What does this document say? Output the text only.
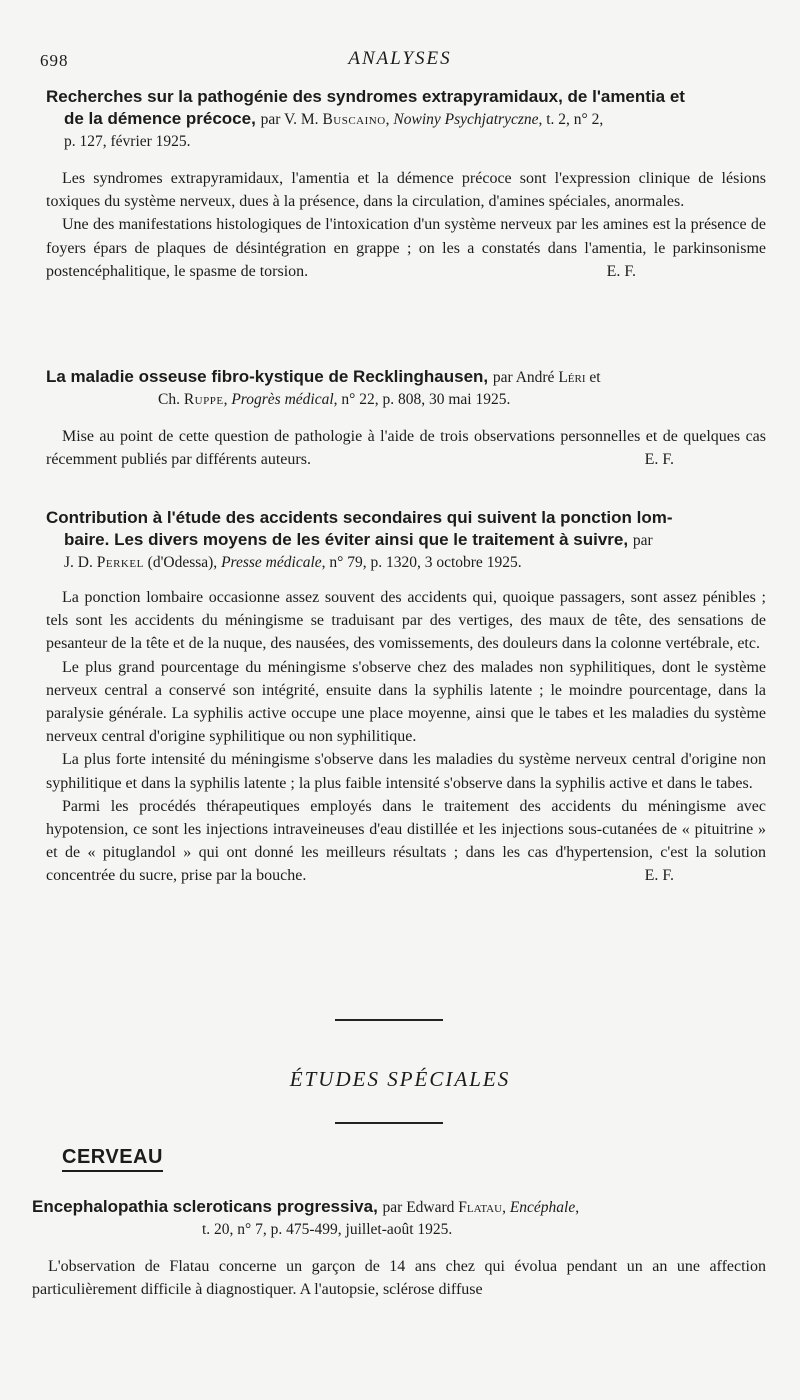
698	ANALYSES

Recherches sur la pathogénie des syndromes extrapyramidaux, de l'amentia et
de la démence précoce, par V. M. Buscaino, Nowiny Psychjatryczne, t. 2, n° 2,

p. 127, février 1925.

Les syndromes extrapyramidaux, l'amentia et la démence précoce sont l'expression clinique de lésions toxiques du système nerveux, dues à la présence, dans la circulation, d'amines spéciales, anormales.

Une des manifestations histologiques de l'intoxication d'un système nerveux par les amines est la présence de foyers épars de plaques de désintégration en grappe ; on les a constatés dans l'amentia, le parkinsonisme postencéphalitique, le spasme de torsion.	E. F.

La maladie osseuse fibro-kystique de Recklinghausen, par André Léri et

Ch. Ruppe, Progrès médical, n° 22, p. 808, 30 mai 1925.

Mise au point de cette question de pathologie à l'aide de trois observations personnelles et de quelques cas récemment publiés par différents auteurs.	E. F.

Contribution à l'étude des accidents secondaires qui suivent la ponction lom-
baire. Les divers moyens de les éviter ainsi que le traitement à suivre, par

J. D. Perkel (d'Odessa), Presse médicale, n° 79, p. 1320, 3 octobre 1925.

La ponction lombaire occasionne assez souvent des accidents qui, quoique passagers, sont assez pénibles ; tels sont les accidents du méningisme se traduisant par des vertiges, des maux de tête, des sensations de pesanteur de la tête et de la nuque, des nausées, des vomissements, des douleurs dans la colonne vertébrale, etc.

Le plus grand pourcentage du méningisme s'observe chez des malades non syphilitiques, dont le système nerveux central a conservé son intégrité, ensuite dans la syphilis latente ; le moindre pourcentage, dans la paralysie générale. La syphilis active occupe une place moyenne, ainsi que le tabes et les maladies du système nerveux central d'origine syphilitique ou non syphilitique.

La plus forte intensité du méningisme s'observe dans les maladies du système nerveux central d'origine non syphilitique et dans la syphilis latente ; la plus faible intensité s'observe dans la syphilis active et dans le tabes.

Parmi les procédés thérapeutiques employés dans le traitement des accidents du méningisme avec hypotension, ce sont les injections intraveineuses d'eau distillée et les injections sous-cutanées de « pituitrine » et de « pituglandol » qui ont donné les meilleurs résultats ; dans les cas d'hypertension, c'est la solution concentrée du sucre, prise par la bouche.	E. F.

ÉTUDES SPÉCIALES
CERVEAU

Encephalopathia scleroticans progressiva, par Edward Flatau, Encéphale,

t. 20, n° 7, p. 475-499, juillet-août 1925.

L'observation de Flatau concerne un garçon de 14 ans chez qui évolua pendant un an une affection particulièrement difficile à diagnostiquer. A l'autopsie, sclérose diffuse
